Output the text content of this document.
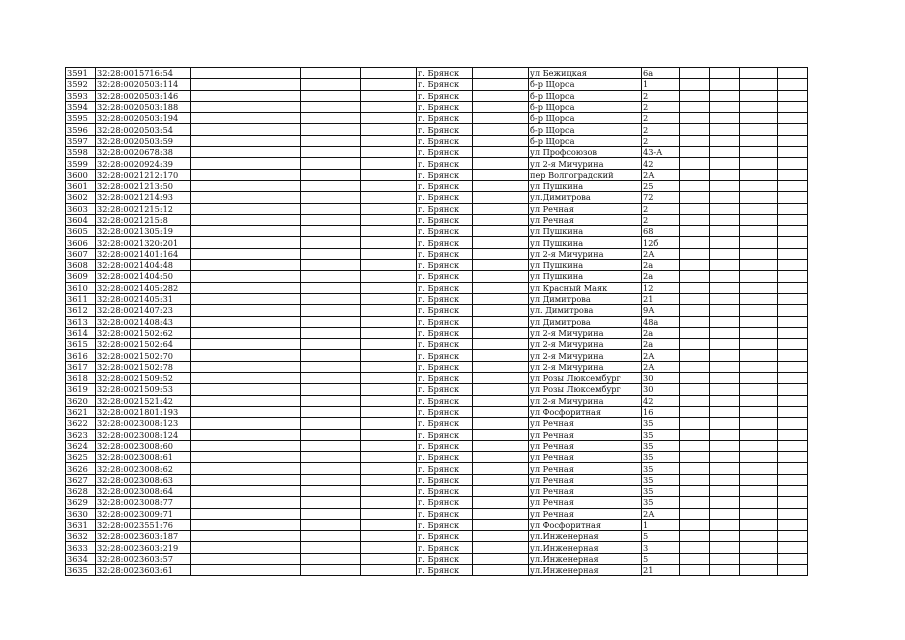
3591	32:28:0015716:54				г. Брянск		ул Бежицкая	6а				
3592	32:28:0020503:114				г. Брянск		б-р Щорса	1				
3593	32:28:0020503:146				г. Брянск		б-р Щорса	2				
3594	32:28:0020503:188				г. Брянск		б-р Щорса	2				
3595	32:28:0020503:194				г. Брянск		б-р Щорса	2				
3596	32:28:0020503:54				г. Брянск		б-р Щорса	2				
3597	32:28:0020503:59				г. Брянск		б-р Щорса	2				
3598	32:28:0020678:38				г. Брянск		ул Профсоюзов	43-А				
3599	32:28:0020924:39				г. Брянск		ул 2-я Мичурина	42				
3600	32:28:0021212:170				г. Брянск		пер Волгоградский	2А				
3601	32:28:0021213:50				г. Брянск		ул Пушкина	25				
3602	32:28:0021214:93				г. Брянск		ул.Димитрова	72				
3603	32:28:0021215:12				г. Брянск		ул Речная	2				
3604	32:28:0021215:8				г. Брянск		ул Речная	2				
3605	32:28:0021305:19				г. Брянск		ул Пушкина	68				
3606	32:28:0021320:201				г. Брянск		ул Пушкина	12б				
3607	32:28:0021401:164				г. Брянск		ул 2-я Мичурина	2А				
3608	32:28:0021404:48				г. Брянск		ул Пушкина	2а				
3609	32:28:0021404:50				г. Брянск		ул Пушкина	2а				
3610	32:28:0021405:282				г. Брянск		ул Красный Маяк	12				
3611	32:28:0021405:31				г. Брянск		ул Димитрова	21				
3612	32:28:0021407:23				г. Брянск		ул. Димитрова	9А				
3613	32:28:0021408:43				г. Брянск		ул Димитрова	48а				
3614	32:28:0021502:62				г. Брянск		ул 2-я Мичурина	2а				
3615	32:28:0021502:64				г. Брянск		ул 2-я Мичурина	2а				
3616	32:28:0021502:70				г. Брянск		ул 2-я Мичурина	2А				
3617	32:28:0021502:78				г. Брянск		ул 2-я Мичурина	2А				
3618	32:28:0021509:52				г. Брянск		ул Розы Люксембург	30				
3619	32:28:0021509:53				г. Брянск		ул Розы Люксембург	30				
3620	32:28:0021521:42				г. Брянск		ул 2-я Мичурина	42				
3621	32:28:0021801:193				г. Брянск		ул Фосфоритная	16				
3622	32:28:0023008:123				г. Брянск		ул Речная	35				
3623	32:28:0023008:124				г. Брянск		ул Речная	35				
3624	32:28:0023008:60				г. Брянск		ул Речная	35				
3625	32:28:0023008:61				г. Брянск		ул Речная	35				
3626	32:28:0023008:62				г. Брянск		ул Речная	35				
3627	32:28:0023008:63				г. Брянск		ул Речная	35				
3628	32:28:0023008:64				г. Брянск		ул Речная	35				
3629	32:28:0023008:77				г. Брянск		ул Речная	35				
3630	32:28:0023009:71				г. Брянск		ул Речная	2А				
3631	32:28:0023551:76				г. Брянск		ул Фосфоритная	1				
3632	32:28:0023603:187				г. Брянск		ул.Инженерная	5				
3633	32:28:0023603:219				г. Брянск		ул.Инженерная	3				
3634	32:28:0023603:57				г. Брянск		ул.Инженерная	5				
3635	32:28:0023603:61				г. Брянск		ул.Инженерная	21				
